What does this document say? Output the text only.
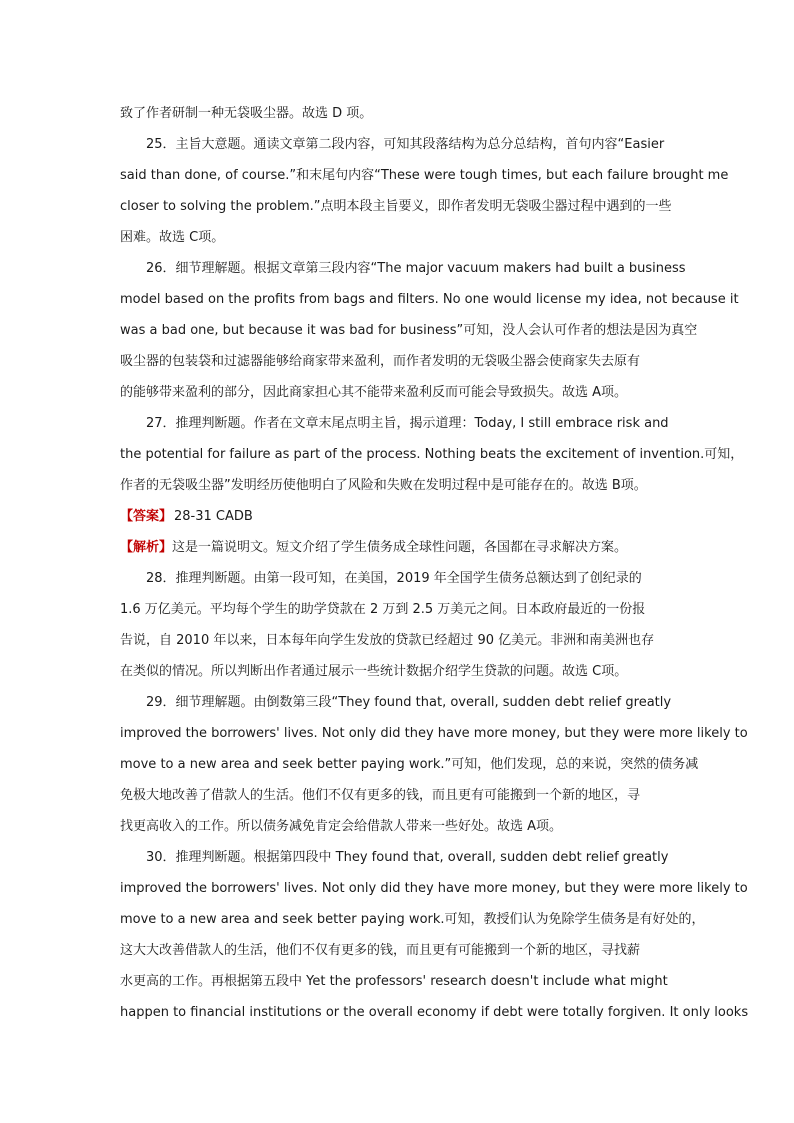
致了作者研制一种无袋吸尘器。故选 D 项。
25．主旨大意题。通读文章第二段内容，可知其段落结构为总分总结构，首句内容“Easier
said than done, of course.”和末尾句内容“These were tough times, but each failure brought me
closer to solving the problem.”点明本段主旨要义，即作者发明无袋吸尘器过程中遇到的一些
困难。故选 C项。
26．细节理解题。根据文章第三段内容“The major vacuum makers had built a business
model based on the profits from bags and filters. No one would license my idea, not because it
was a bad one, but because it was bad for business”可知，没人会认可作者的想法是因为真空
吸尘器的包装袋和过滤器能够给商家带来盈利，而作者发明的无袋吸尘器会使商家失去原有
的能够带来盈利的部分，因此商家担心其不能带来盈利反而可能会导致损失。故选 A项。
27．推理判断题。作者在文章末尾点明主旨，揭示道理：Today, I still embrace risk and
the potential for failure as part of the process. Nothing beats the excitement of invention.可知，
作者的无袋吸尘器”发明经历使他明白了风险和失败在发明过程中是可能存在的。故选 B项。
【答案】 28-31 CADB
【解析】这是一篇说明文。短文介绍了学生债务成全球性问题，各国都在寻求解决方案。
28．推理判断题。由第一段可知，在美国，2019 年全国学生债务总额达到了创纪录的
1.6 万亿美元。平均每个学生的助学贷款在 2 万到 2.5 万美元之间。日本政府最近的一份报
告说，自 2010 年以来，日本每年向学生发放的贷款已经超过 90 亿美元。非洲和南美洲也存
在类似的情况。所以判断出作者通过展示一些统计数据介绍学生贷款的问题。故选 C项。
29．细节理解题。由倒数第三段“They found that, overall, sudden debt relief greatly
improved the borrowers' lives. Not only did they have more money, but they were more likely to
move to a new area and seek better paying work.”可知，他们发现，总的来说，突然的债务减
免极大地改善了借款人的生活。他们不仅有更多的钱，而且更有可能搬到一个新的地区，寻
找更高收入的工作。所以债务减免肯定会给借款人带来一些好处。故选 A项。
30．推理判断题。根据第四段中 They found that, overall, sudden debt relief greatly
improved the borrowers' lives. Not only did they have more money, but they were more likely to
move to a new area and seek better paying work.可知，教授们认为免除学生债务是有好处的，
这大大改善借款人的生活，他们不仅有更多的钱，而且更有可能搬到一个新的地区，寻找薪
水更高的工作。再根据第五段中 Yet the professors' research doesn't include what might
happen to financial institutions or the overall economy if debt were totally forgiven. It only looks
